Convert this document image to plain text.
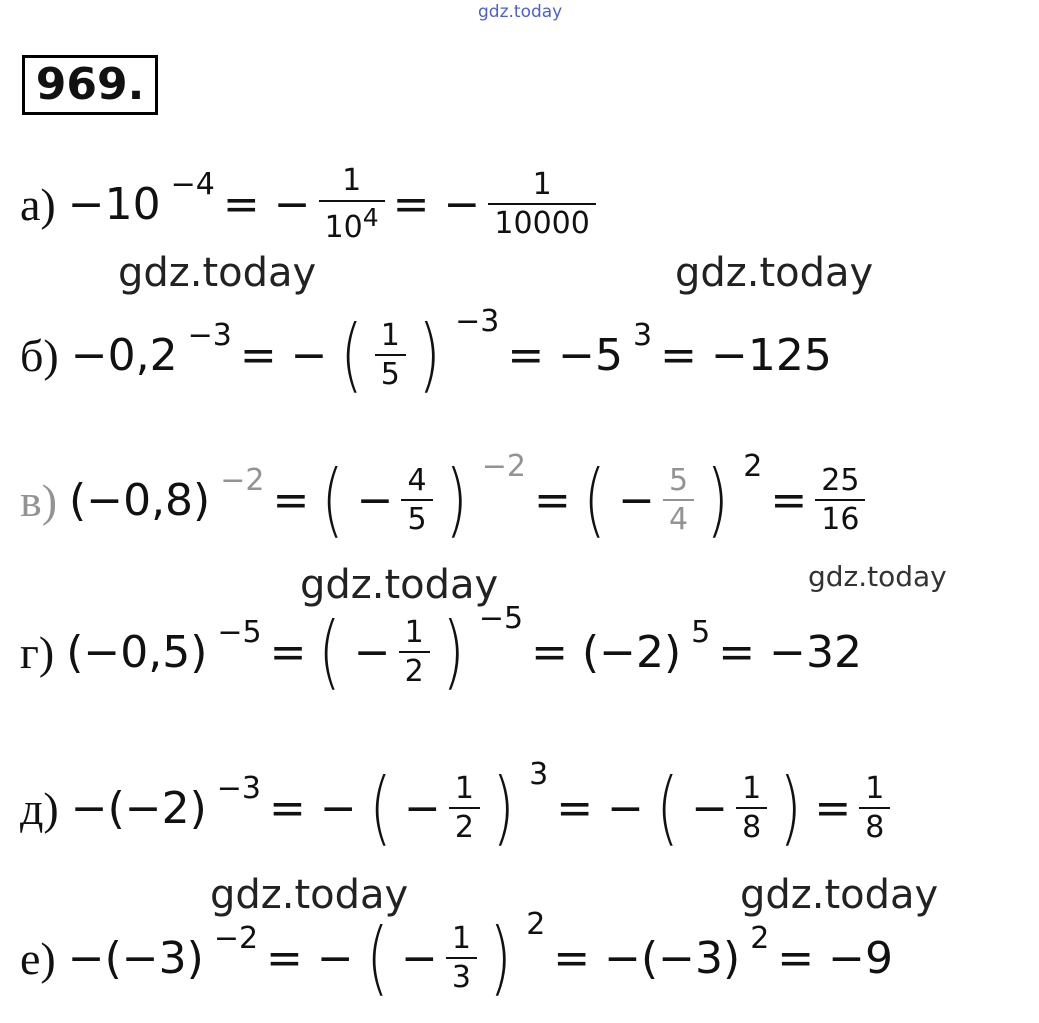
gdz.today
969.
а) −10 −4 = − $\frac{1}{10^4}$ = − $\frac{1}{10000}$
gdz.today	gdz.today
б) −0,2 −3 = − ( $\frac{1}{5}$ ) −3
= −5 3 = −125
в) (−0,8) −2 = ( − $\frac{4}{5}$ ) −2
= ( − $\frac{5}{4}$ ) 2
= $\frac{25}{16}$
gdz.today	gdz.today
г) (−0,5) −5 = ( − $\frac{1}{2}$ ) −5
= (−2) 5 = −32
д) −(−2) −3 = − ( − $\frac{1}{2}$ ) 3
= − ( − $\frac{1}{8}$ ) = $\frac{1}{8}$
gdz.today	gdz.today
е) −(−3) −2 = − ( − $\frac{1}{3}$ ) 2
= −(−3) 2 = −9
